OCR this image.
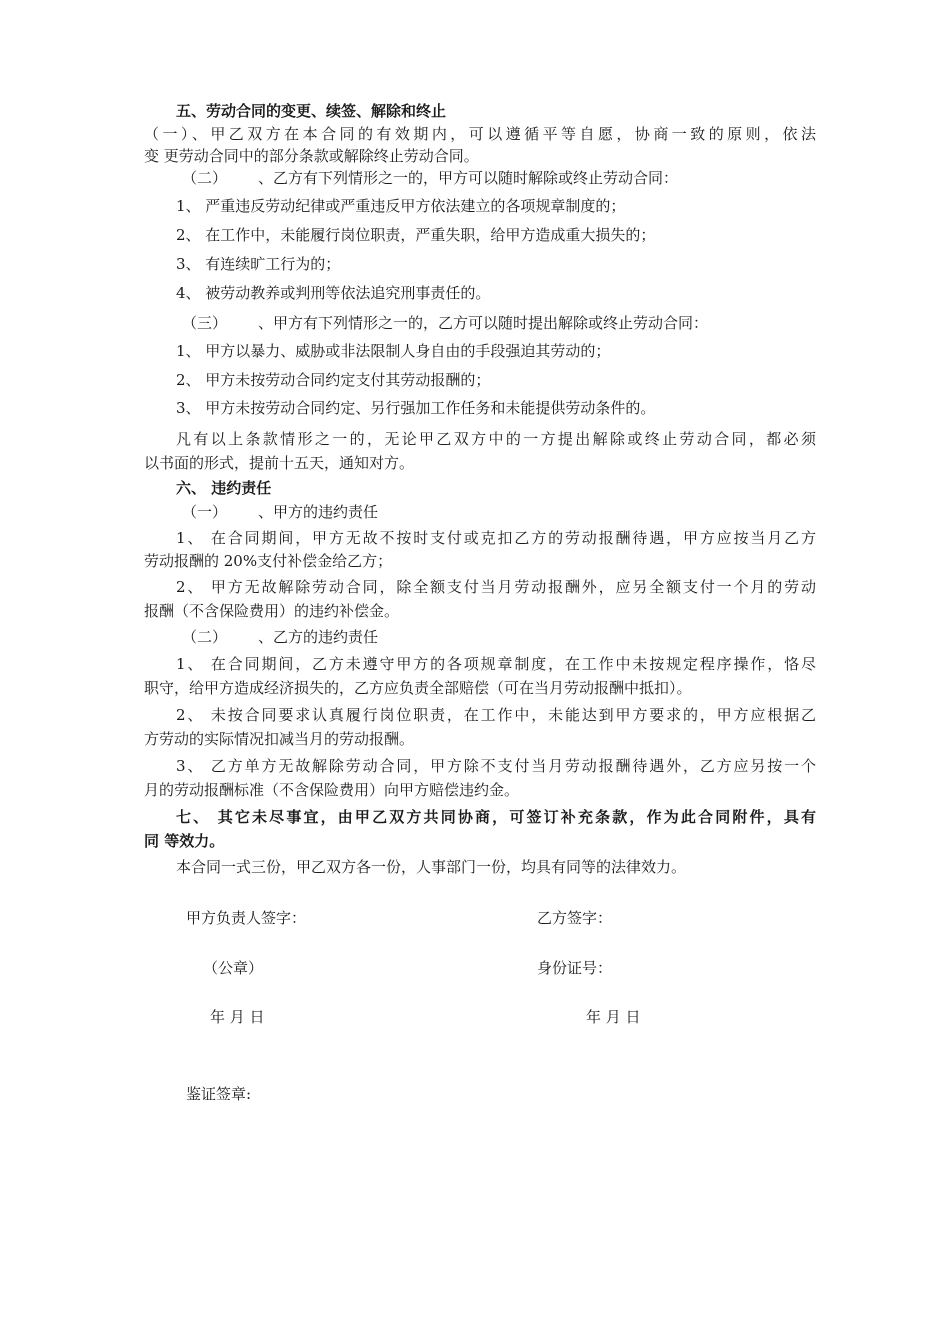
五、劳动合同的变更、续签、解除和终止
（一）、甲乙双方在本合同的有效期内，可以遵循平等自愿，协商一致的原则，依法
变 更劳动合同中的部分条款或解除终止劳动合同。
（二） 、乙方有下列情形之一的，甲方可以随时解除或终止劳动合同：
1、 严重违反劳动纪律或严重违反甲方依法建立的各项规章制度的；
2、 在工作中，未能履行岗位职责，严重失职，给甲方造成重大损失的；
3、 有连续旷工行为的；
4、 被劳动教养或判刑等依法追究刑事责任的。
（三） 、甲方有下列情形之一的，乙方可以随时提出解除或终止劳动合同：
1、 甲方以暴力、威胁或非法限制人身自由的手段强迫其劳动的；
2、 甲方未按劳动合同约定支付其劳动报酬的；
3、 甲方未按劳动合同约定、另行强加工作任务和未能提供劳动条件的。
凡有以上条款情形之一的，无论甲乙双方中的一方提出解除或终止劳动合同，都必须
以书面的形式，提前十五天，通知对方。
六、 违约责任
（一） 、甲方的违约责任
1、 在合同期间，甲方无故不按时支付或克扣乙方的劳动报酬待遇，甲方应按当月乙方
劳动报酬的 20%支付补偿金给乙方；
2、 甲方无故解除劳动合同，除全额支付当月劳动报酬外，应另全额支付一个月的劳动
报酬（不含保险费用）的违约补偿金。
（二） 、乙方的违约责任
1、 在合同期间，乙方未遵守甲方的各项规章制度，在工作中未按规定程序操作，恪尽
职守，给甲方造成经济损失的，乙方应负责全部赔偿（可在当月劳动报酬中抵扣）。
2、 未按合同要求认真履行岗位职责，在工作中，未能达到甲方要求的，甲方应根据乙
方劳动的实际情况扣减当月的劳动报酬。
3、 乙方单方无故解除劳动合同，甲方除不支付当月劳动报酬待遇外，乙方应另按一个
月的劳动报酬标准（不含保险费用）向甲方赔偿违约金。
七、 其它未尽事宜，由甲乙双方共同协商，可签订补充条款，作为此合同附件，具有
同 等效力。
本合同一式三份，甲乙双方各一份，人事部门一份，均具有同等的法律效力。
甲方负责人签字：	乙方签字：
（公章）	身份证号：
年 月 日	年 月 日
鉴证签章:
